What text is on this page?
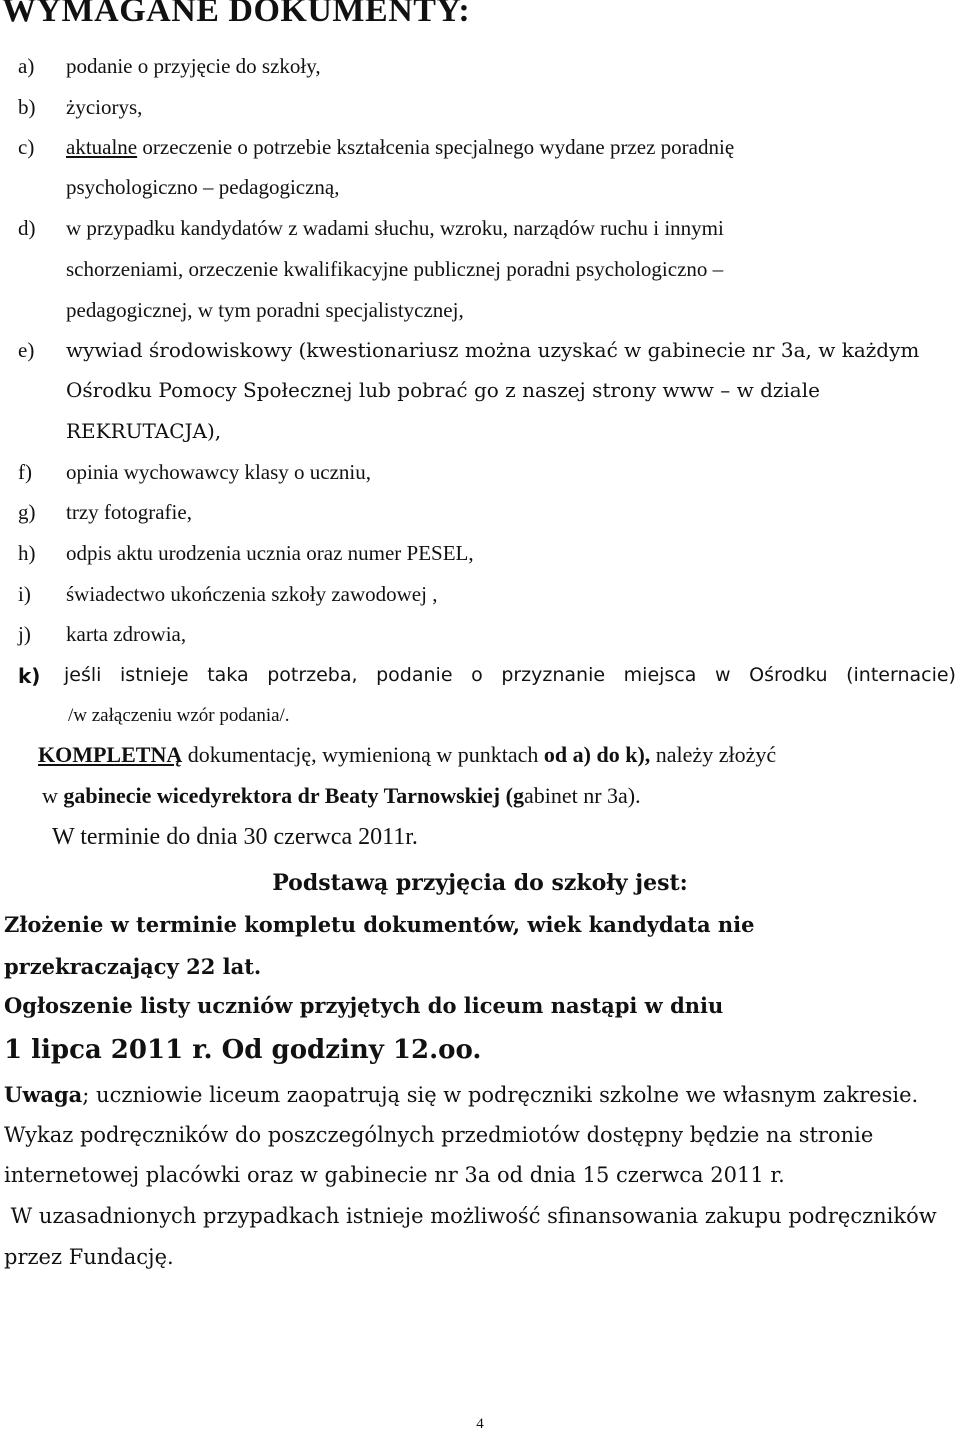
WYMAGANE DOKUMENTY:
a) podanie o przyjęcie do szkoły,
b) życiorys,
c) aktualne orzeczenie o potrzebie kształcenia specjalnego wydane przez poradnię
psychologiczno – pedagogiczną,
d) w przypadku kandydatów z wadami słuchu, wzroku, narządów ruchu i innymi
schorzeniami, orzeczenie kwalifikacyjne publicznej poradni psychologiczno –
pedagogicznej, w tym poradni specjalistycznej,
e) wywiad środowiskowy (kwestionariusz można uzyskać w gabinecie nr 3a, w każdym
Ośrodku Pomocy Społecznej lub pobrać go z naszej strony www – w dziale
REKRUTACJA),
f) opinia wychowawcy klasy o uczniu,
g) trzy fotografie,
h) odpis aktu urodzenia ucznia oraz numer PESEL,
i) świadectwo ukończenia szkoły zawodowej ,
j) karta zdrowia,
k) jeśli istnieje taka potrzeba, podanie o przyznanie miejsca w Ośrodku (internacie)
/w załączeniu wzór podania/.
KOMPLETNĄ dokumentację, wymienioną w punktach od a) do k), należy złożyć
w gabinecie wicedyrektora dr Beaty Tarnowskiej (gabinet nr 3a).
W terminie do dnia 30 czerwca 2011r.
Podstawą przyjęcia do szkoły jest:
Złożenie w terminie kompletu dokumentów, wiek kandydata nie
przekraczający 22 lat.
Ogłoszenie listy uczniów przyjętych do liceum nastąpi w dniu
1 lipca 2011 r. Od godziny 12.oo.
Uwaga; uczniowie liceum zaopatrują się w podręczniki szkolne we własnym zakresie.
Wykaz podręczników do poszczególnych przedmiotów dostępny będzie na stronie
internetowej placówki oraz w gabinecie nr 3a od dnia 15 czerwca 2011 r.
W uzasadnionych przypadkach istnieje możliwość sfinansowania zakupu podręczników
przez Fundację.
4
